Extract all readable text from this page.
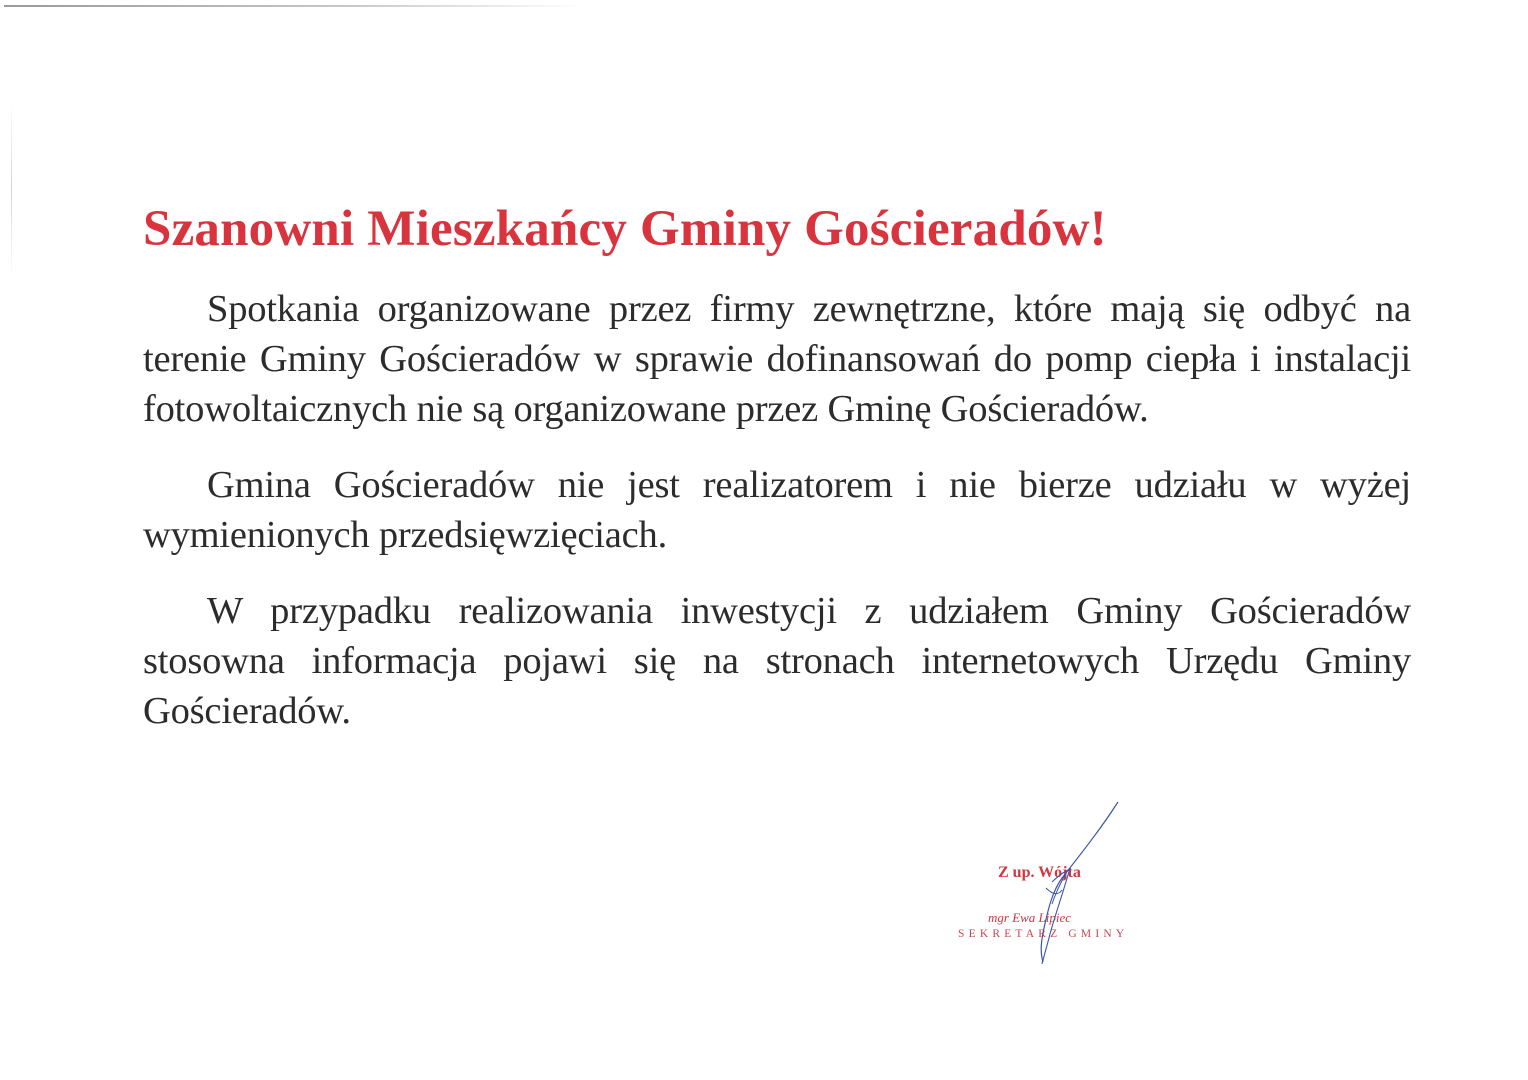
Szanowni Mieszkańcy Gminy Gościeradów!

Spotkania organizowane przez firmy zewnętrzne, które mają się odbyć na terenie Gminy Gościeradów w sprawie dofinansowań do pomp ciepła i instalacji fotowoltaicznych nie są organizowane przez Gminę Gościeradów.

Gmina Gościeradów nie jest realizatorem i nie bierze udziału w wyżej wymienionych przedsięwzięciach.

W przypadku realizowania inwestycji z udziałem Gminy Gościeradów stosowna informacja pojawi się na stronach internetowych Urzędu Gminy Gościeradów.

Z up. Wójta
mgr Ewa Lipiec
SEKRETARZ GMINY
